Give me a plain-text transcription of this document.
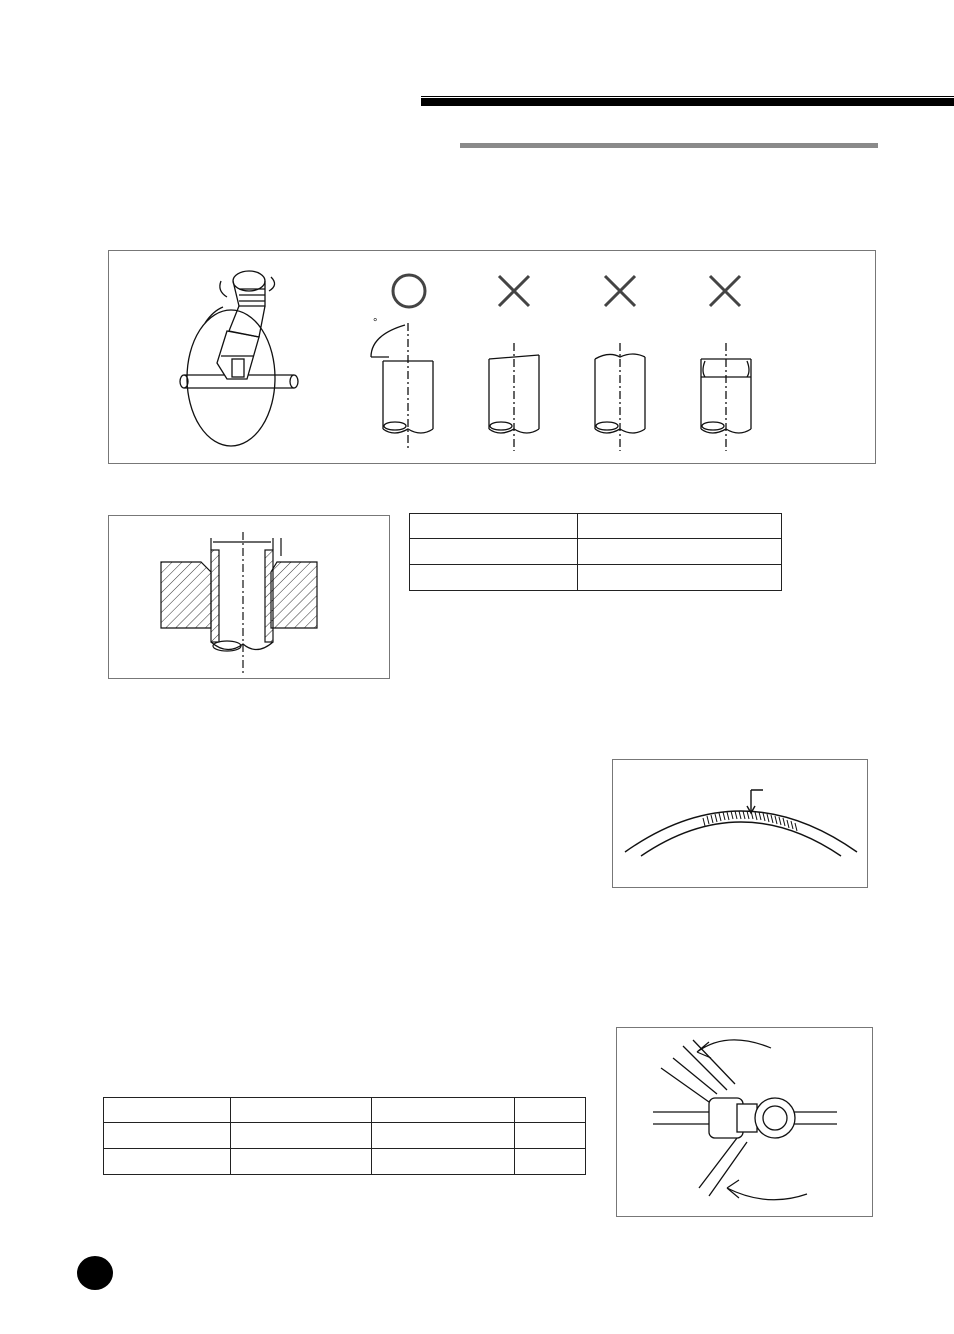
°
